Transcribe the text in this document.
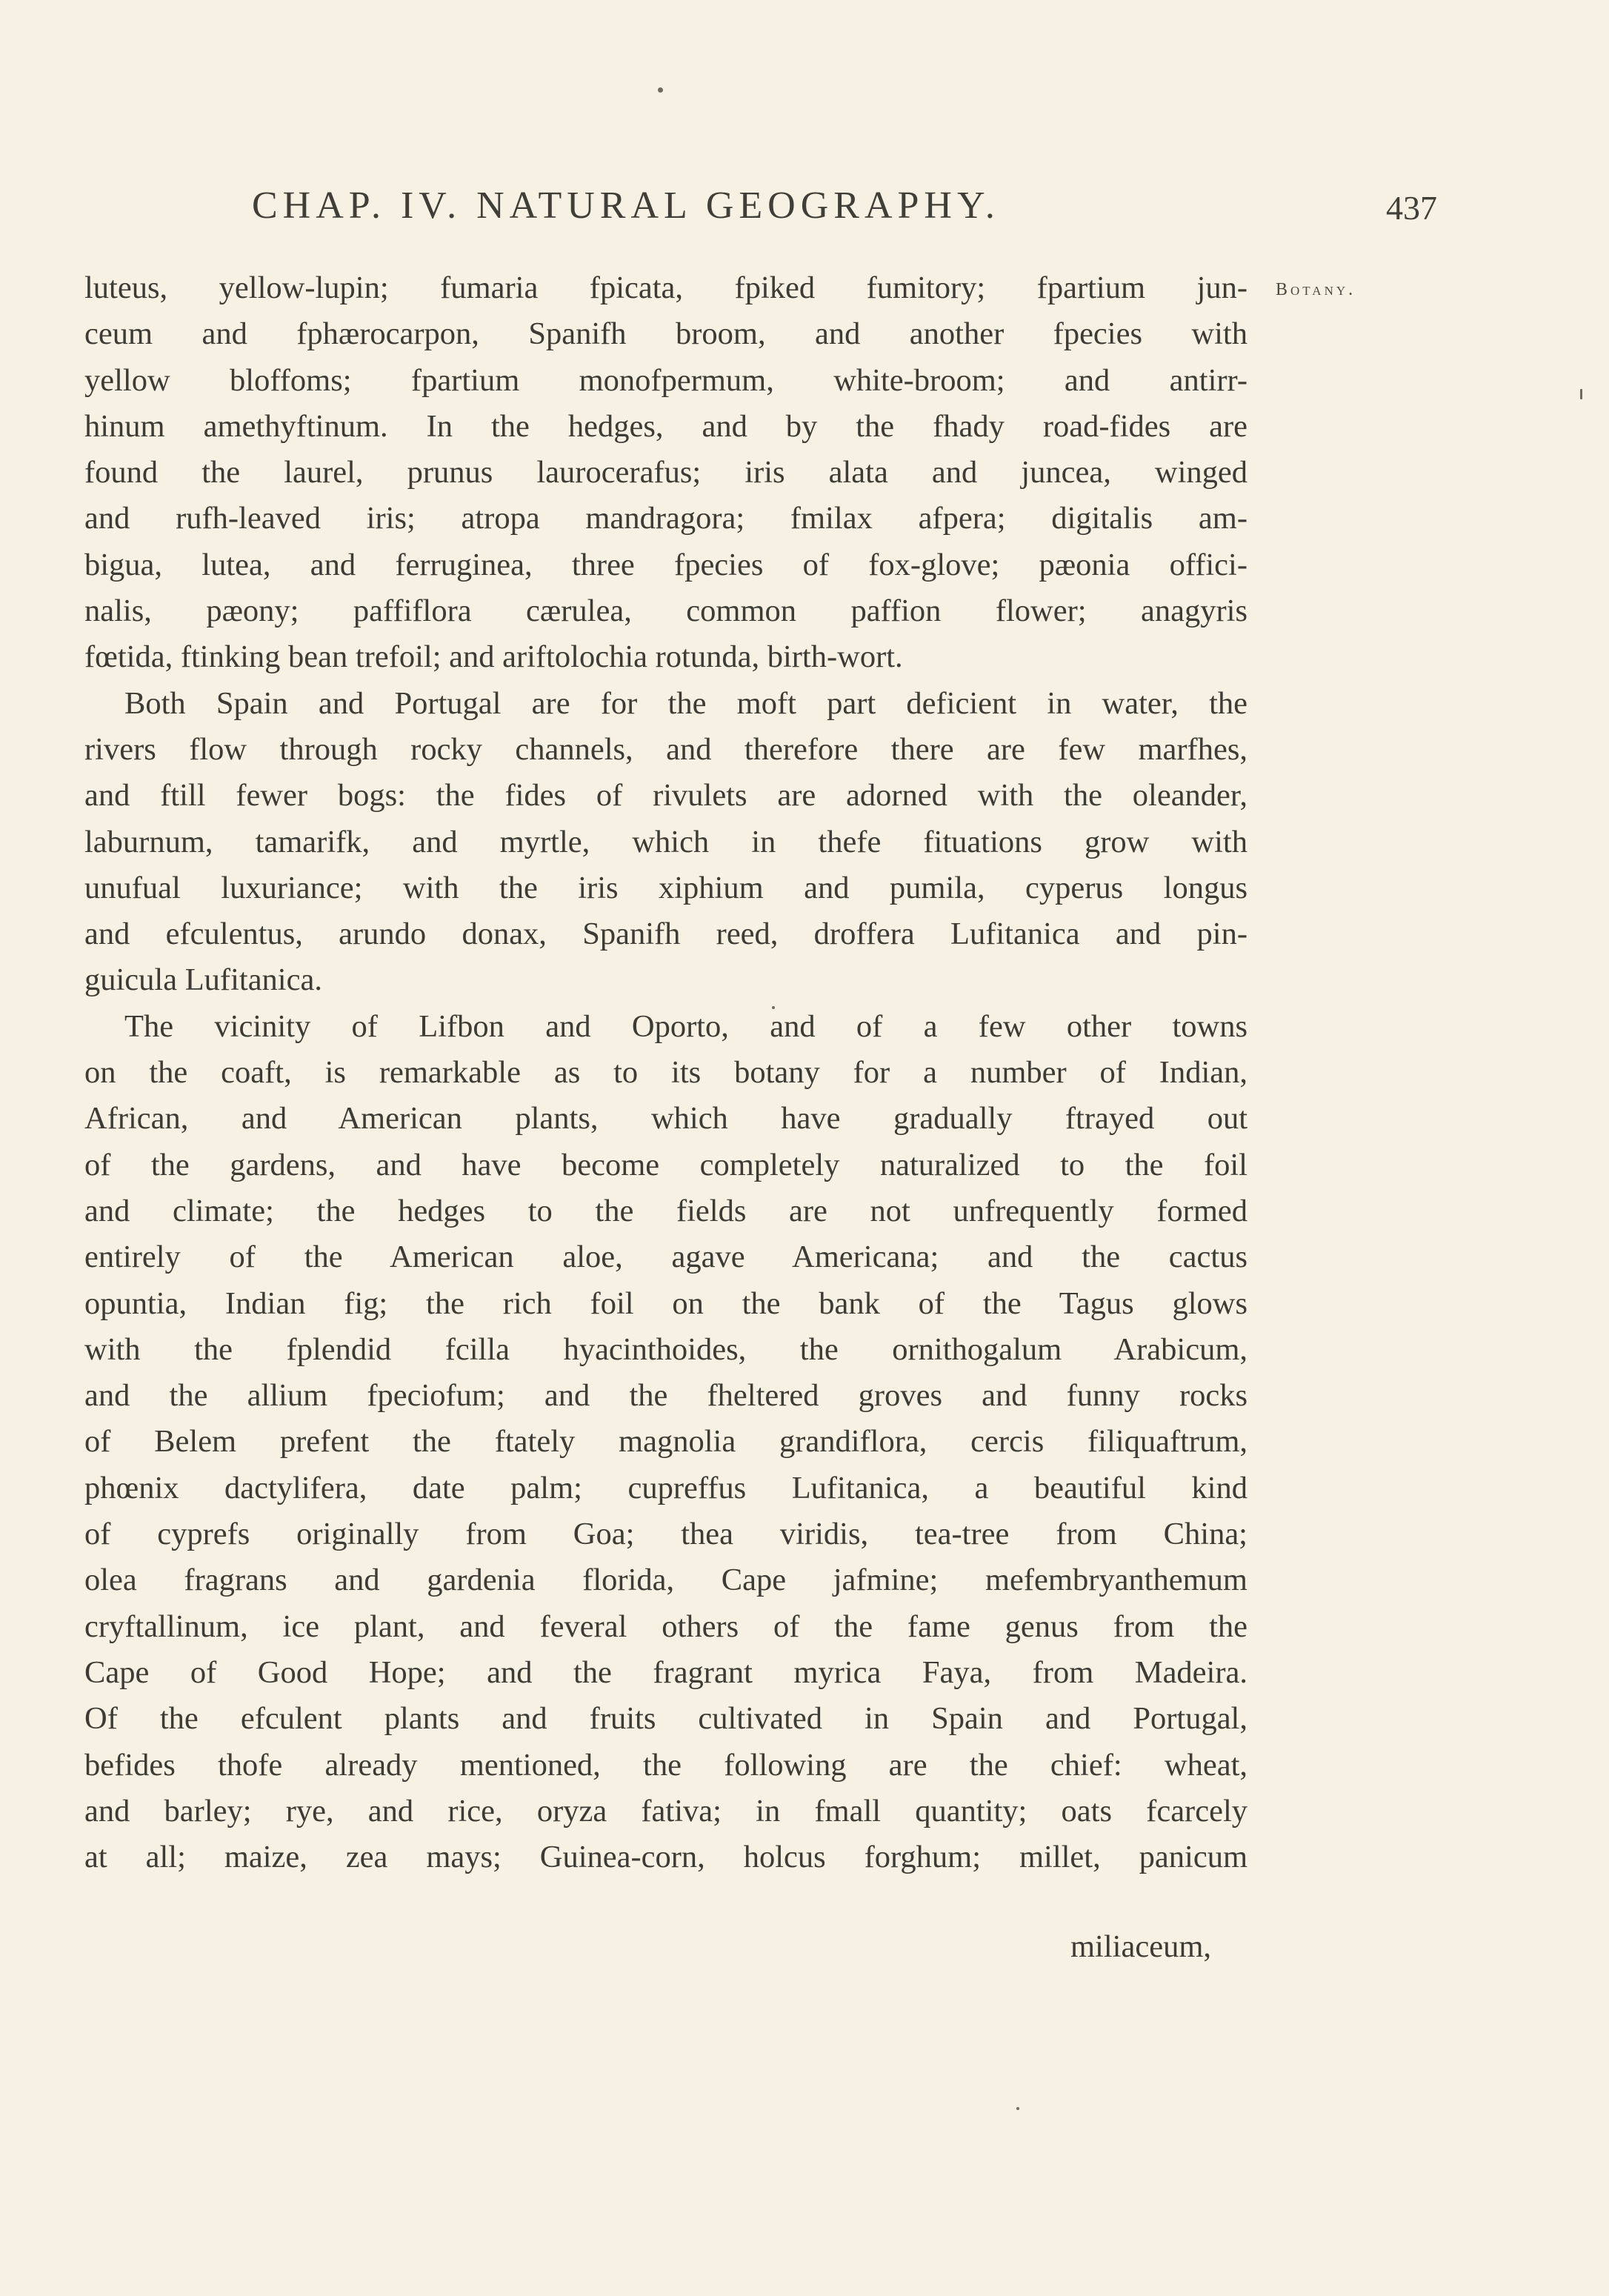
CHAP. IV. NATURAL GEOGRAPHY.	437
Botany.
luteus, yellow-lupin; fumaria fpicata, fpiked fumitory; fpartium jun-
ceum and fphærocarpon, Spanifh broom, and another fpecies with
yellow bloffoms; fpartium monofpermum, white-broom; and antirr-
hinum amethyftinum. In the hedges, and by the fhady road-fides are
found the laurel, prunus laurocerafus; iris alata and juncea, winged
and rufh-leaved iris; atropa mandragora; fmilax afpera; digitalis am-
bigua, lutea, and ferruginea, three fpecies of fox-glove; pæonia offici-
nalis, pæony; paffiflora cærulea, common paffion flower; anagyris
fœtida, ftinking bean trefoil; and ariftolochia rotunda, birth-wort.
Both Spain and Portugal are for the moft part deficient in water, the
rivers flow through rocky channels, and therefore there are few marfhes,
and ftill fewer bogs: the fides of rivulets are adorned with the oleander,
laburnum, tamarifk, and myrtle, which in thefe fituations grow with
unufual luxuriance; with the iris xiphium and pumila, cyperus longus
and efculentus, arundo donax, Spanifh reed, droffera Lufitanica and pin-
guicula Lufitanica.
The vicinity of Lifbon and Oporto, and of a few other towns
on the coaft, is remarkable as to its botany for a number of Indian,
African, and American plants, which have gradually ftrayed out
of the gardens, and have become completely naturalized to the foil
and climate; the hedges to the fields are not unfrequently formed
entirely of the American aloe, agave Americana; and the cactus
opuntia, Indian fig; the rich foil on the bank of the Tagus glows
with the fplendid fcilla hyacinthoides, the ornithogalum Arabicum,
and the allium fpeciofum; and the fheltered groves and funny rocks
of Belem prefent the ftately magnolia grandiflora, cercis filiquaftrum,
phœnix dactylifera, date palm; cupreffus Lufitanica, a beautiful kind
of cyprefs originally from Goa; thea viridis, tea-tree from China;
olea fragrans and gardenia florida, Cape jafmine; mefembryanthemum
cryftallinum, ice plant, and feveral others of the fame genus from the
Cape of Good Hope; and the fragrant myrica Faya, from Madeira.
Of the efculent plants and fruits cultivated in Spain and Portugal,
befides thofe already mentioned, the following are the chief: wheat,
and barley; rye, and rice, oryza fativa; in fmall quantity; oats fcarcely
at all; maize, zea mays; Guinea-corn, holcus forghum; millet, panicum
miliaceum,
